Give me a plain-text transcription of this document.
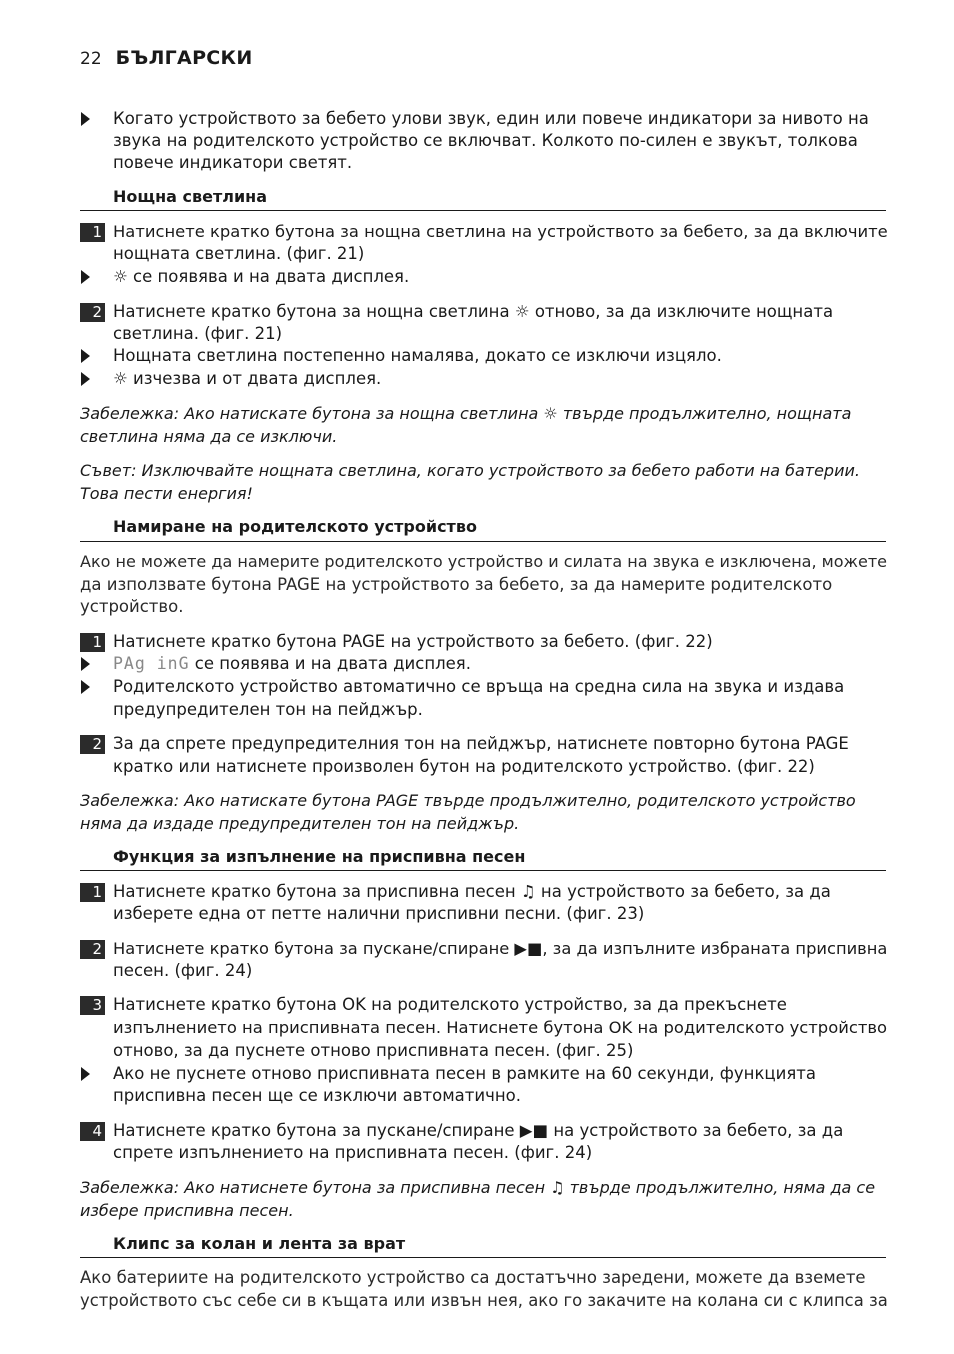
22 БЪЛГАРСКИ
Когато устройството за бебето улови звук, един или повече индикатори за нивото на
звука на родителското устройство се включват. Колкото по-силен е звукът, толкова
повече индикатори светят.
Нощна светлина
1 Натиснете кратко бутона за нощна светлина на устройството за бебето, за да включите
нощната светлина. (фиг. 21)
☼ се появява и на двата дисплея.
2 Натиснете кратко бутона за нощна светлина ☼ отново, за да изключите нощната
светлина. (фиг. 21)
Нощната светлина постепенно намалява, докато се изключи изцяло.
☼ изчезва и от двата дисплея.
Забележка: Ако натискате бутона за нощна светлина ☼ твърде продължително, нощната
светлина няма да се изключи.
Съвет: Изключвайте нощната светлина, когато устройството за бебето работи на батерии.
Това пести енергия!
Намиране на родителското устройство
Ако не можете да намерите родителското устройство и силата на звука е изключена, можете
да използвате бутона PAGE на устройството за бебето, за да намерите родителското
устройство.
1 Натиснете кратко бутона PAGE на устройството за бебето. (фиг. 22)
PAg inG се появява и на двата дисплея.
Родителското устройство автоматично се връща на средна сила на звука и издава
предупредителен тон на пейджър.
2 За да спрете предупредителния тон на пейджър, натиснете повторно бутона PAGE
кратко или натиснете произволен бутон на родителското устройство. (фиг. 22)
Забележка: Ако натискате бутона PAGE твърде продължително, родителското устройство
няма да издаде предупредителен тон на пейджър.
Функция за изпълнение на приспивна песен
1 Натиснете кратко бутона за приспивна песен ♫ на устройството за бебето, за да
изберете една от петте налични приспивни песни. (фиг. 23)
2 Натиснете кратко бутона за пускане/спиране ▶■, за да изпълните избраната приспивна
песен. (фиг. 24)
3 Натиснете кратко бутона OK на родителското устройство, за да прекъснете
изпълнението на приспивната песен. Натиснете бутона OK на родителското устройство
отново, за да пуснете отново приспивната песен. (фиг. 25)
Ако не пуснете отново приспивната песен в рамките на 60 секунди, функцията
приспивна песен ще се изключи автоматично.
4 Натиснете кратко бутона за пускане/спиране ▶■ на устройството за бебето, за да
спрете изпълнението на приспивната песен. (фиг. 24)
Забележка: Ако натиснете бутона за приспивна песен ♫ твърде продължително, няма да се
избере приспивна песен.
Клипс за колан и лента за врат
Ако батериите на родителското устройство са достатъчно заредени, можете да вземете
устройството със себе си в къщата или извън нея, ако го закачите на колана си с клипса за
